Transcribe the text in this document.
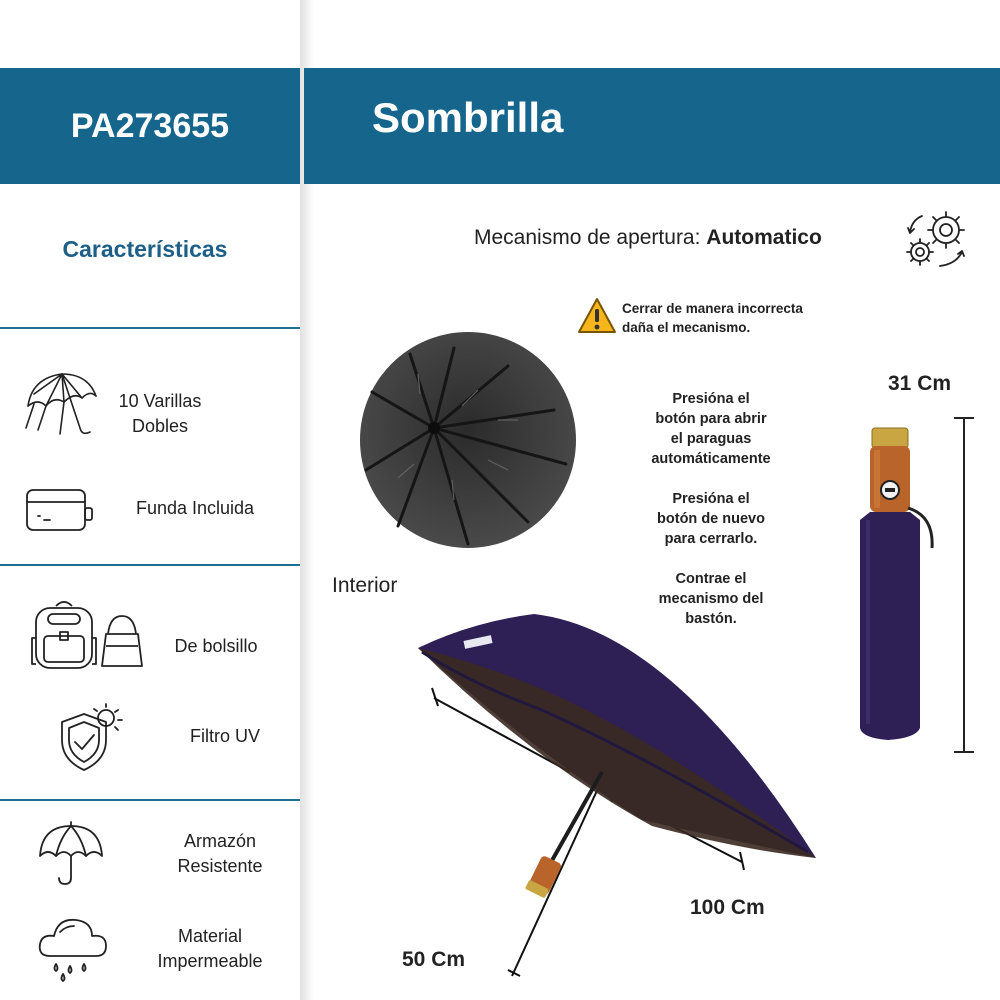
PA273655	Sombrilla
Características
10 Varillas
Dobles
Funda Incluida
De bolsillo
Filtro UV
Armazón
Resistente
Material
Impermeable
Mecanismo de apertura: Automatico
Cerrar de manera incorrecta
daña el mecanismo.
Presióna el
botón para abrir
el paraguas
automáticamente
Presióna el
botón de nuevo
para cerrarlo.
Contrae el
mecanismo del
bastón.
Interior
31 Cm
100 Cm
50 Cm
